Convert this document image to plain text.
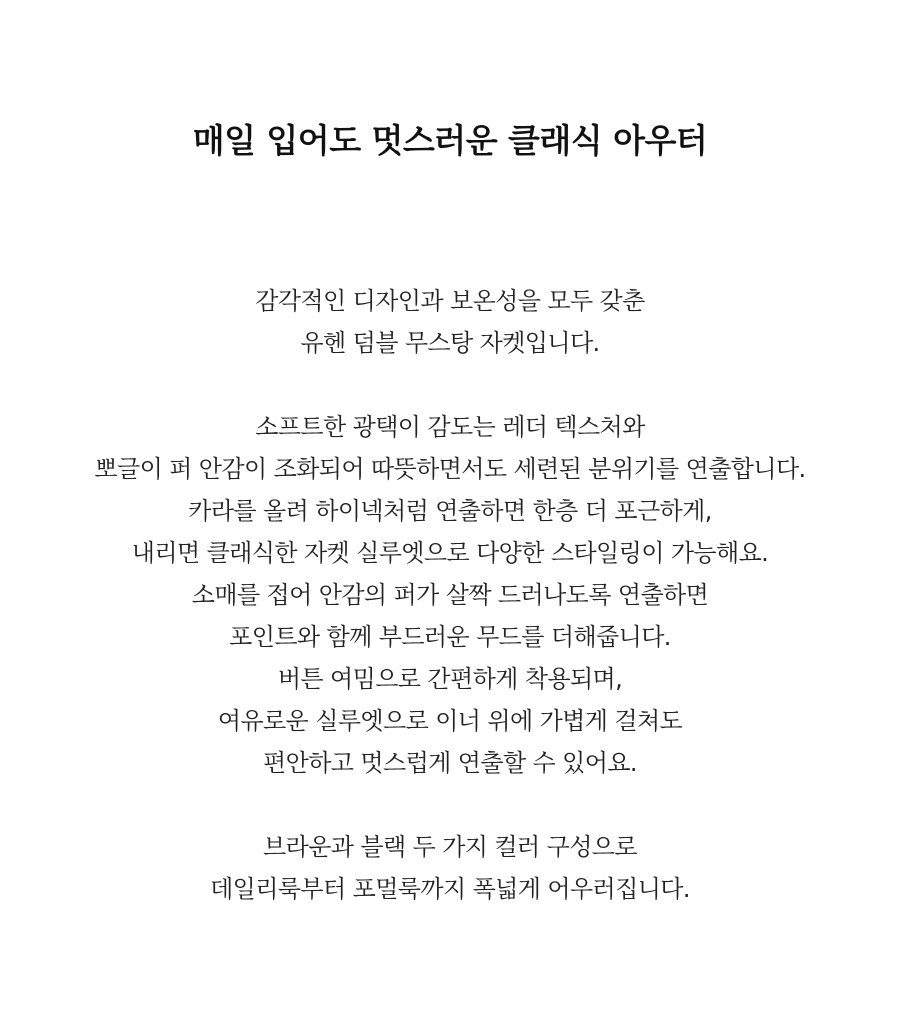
매일 입어도 멋스러운 클래식 아우터

감각적인 디자인과 보온성을 모두 갖춘
유헨 덤블 무스탕 자켓입니다.

소프트한 광택이 감도는 레더 텍스처와
뽀글이 퍼 안감이 조화되어 따뜻하면서도 세련된 분위기를 연출합니다.
카라를 올려 하이넥처럼 연출하면 한층 더 포근하게,
내리면 클래식한 자켓 실루엣으로 다양한 스타일링이 가능해요.
소매를 접어 안감의 퍼가 살짝 드러나도록 연출하면
포인트와 함께 부드러운 무드를 더해줍니다.
버튼 여밈으로 간편하게 착용되며,
여유로운 실루엣으로 이너 위에 가볍게 걸쳐도
편안하고 멋스럽게 연출할 수 있어요.

브라운과 블랙 두 가지 컬러 구성으로
데일리룩부터 포멀룩까지 폭넓게 어우러집니다.
